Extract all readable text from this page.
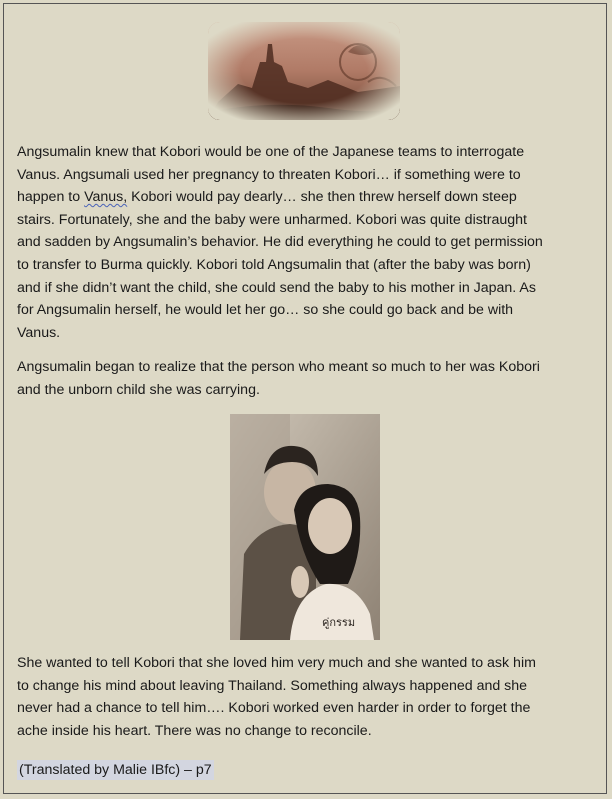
Angsumalin knew that Kobori would be one of the Japanese teams to interrogate
Vanus. Angsumali used her pregnancy to threaten Kobori… if something were to
happen to Vanus, Kobori would pay dearly… she then threw herself down steep
stairs. Fortunately, she and the baby were unharmed. Kobori was quite distraught
and sadden by Angsumalin’s behavior. He did everything he could to get permission
to transfer to Burma quickly. Kobori told Angsumalin that (after the baby was born)
and if she didn’t want the child, she could send the baby to his mother in Japan. As
for Angsumalin herself, he would let her go… so she could go back and be with
Vanus.
Angsumalin began to realize that the person who meant so much to her was Kobori
and the unborn child she was carrying.
คู่กรรม
She wanted to tell Kobori that she loved him very much and she wanted to ask him
to change his mind about leaving Thailand. Something always happened and she
never had a chance to tell him…. Kobori worked even harder in order to forget the
ache inside his heart. There was no change to reconcile.
(Translated by Malie IBfc) – p7
